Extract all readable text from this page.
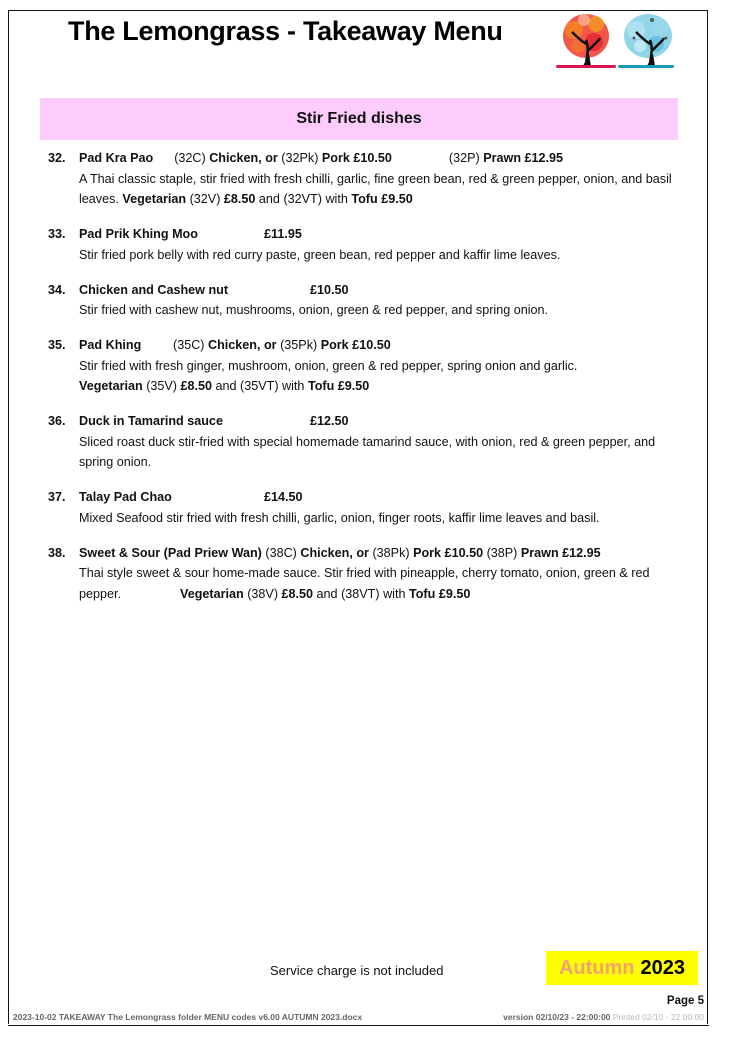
The Lemongrass - Takeaway Menu
Stir Fried dishes
32. Pad Kra Pao (32C) Chicken, or (32Pk) Pork £10.50	(32P) Prawn £12.95
A Thai classic staple, stir fried with fresh chilli, garlic, fine green bean, red & green pepper, onion, and basil leaves. Vegetarian (32V) £8.50 and (32VT) with Tofu £9.50
33. Pad Prik Khing Moo	£11.95
Stir fried pork belly with red curry paste, green bean, red pepper and kaffir lime leaves.
34. Chicken and Cashew nut	£10.50
Stir fried with cashew nut, mushrooms, onion, green & red pepper, and spring onion.
35. Pad Khing	(35C) Chicken, or (35Pk) Pork £10.50
Stir fried with fresh ginger, mushroom, onion, green & red pepper, spring onion and garlic.
Vegetarian (35V) £8.50 and (35VT) with Tofu £9.50
36. Duck in Tamarind sauce	£12.50
Sliced roast duck stir-fried with special homemade tamarind sauce, with onion, red & green pepper, and spring onion.
37. Talay Pad Chao	£14.50
Mixed Seafood stir fried with fresh chilli, garlic, onion, finger roots, kaffir lime leaves and basil.
38. Sweet & Sour (Pad Priew Wan) (38C) Chicken, or (38Pk) Pork £10.50 (38P) Prawn £12.95
Thai style sweet & sour home-made sauce. Stir fried with pineapple, cherry tomato, onion, green & red pepper.	Vegetarian (38V) £8.50 and (38VT) with Tofu £9.50
Service charge is not included	Autumn 2023
Page 5
2023-10-02 TAKEAWAY The Lemongrass folder MENU codes v6.00 AUTUMN 2023.docx	version 02/10/23 - 22:00:00 Printed 02/10 - 22:00:00
